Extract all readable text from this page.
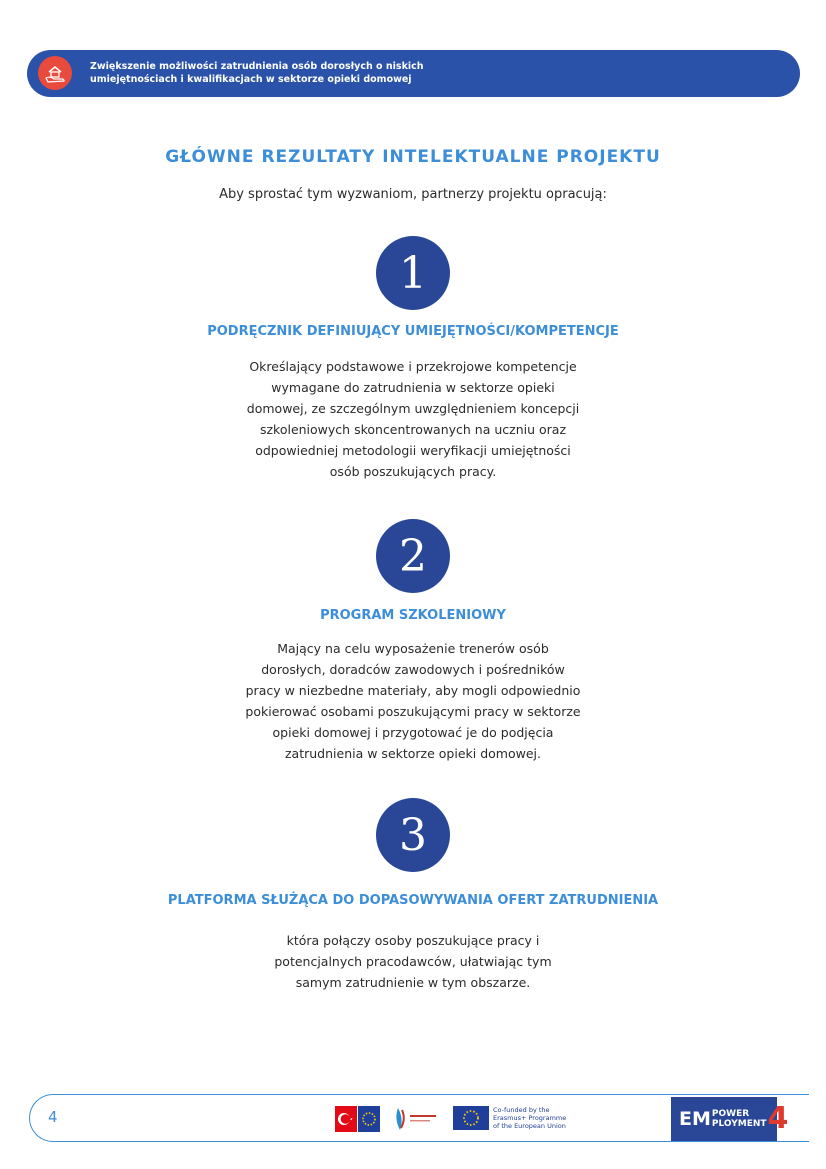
Zwiększenie możliwości zatrudnienia osób dorosłych o niskich
umiejętnościach i kwalifikacjach w sektorze opieki domowej
GŁÓWNE REZULTATY INTELEKTUALNE PROJEKTU
Aby sprostać tym wyzwaniom, partnerzy projektu opracują:
1
PODRĘCZNIK DEFINIUJĄCY UMIEJĘTNOŚCI/KOMPETENCJE
Określający podstawowe i przekrojowe kompetencje
wymagane do zatrudnienia w sektorze opieki
domowej, ze szczególnym uwzględnieniem koncepcji
szkoleniowych skoncentrowanych na uczniu oraz
odpowiedniej metodologii weryfikacji umiejętności
osób poszukujących pracy.
2
PROGRAM SZKOLENIOWY
Mający na celu wyposażenie trenerów osób
dorosłych, doradców zawodowych i pośredników
pracy w niezbedne materiały, aby mogli odpowiednio
pokierować osobami poszukującymi pracy w sektorze
opieki domowej i przygotować je do podjęcia
zatrudnienia w sektorze opieki domowej.
3
PLATFORMA SŁUŻĄCA DO DOPASOWYWANIA OFERT ZATRUDNIENIA
która połączy osoby poszukujące pracy i
potencjalnych pracodawców, ułatwiając tym
samym zatrudnienie w tym obszarze.
4	Co-funded by the
Erasmus+ Programme
of the European Union	EM POWER
PLOYMENT 4
